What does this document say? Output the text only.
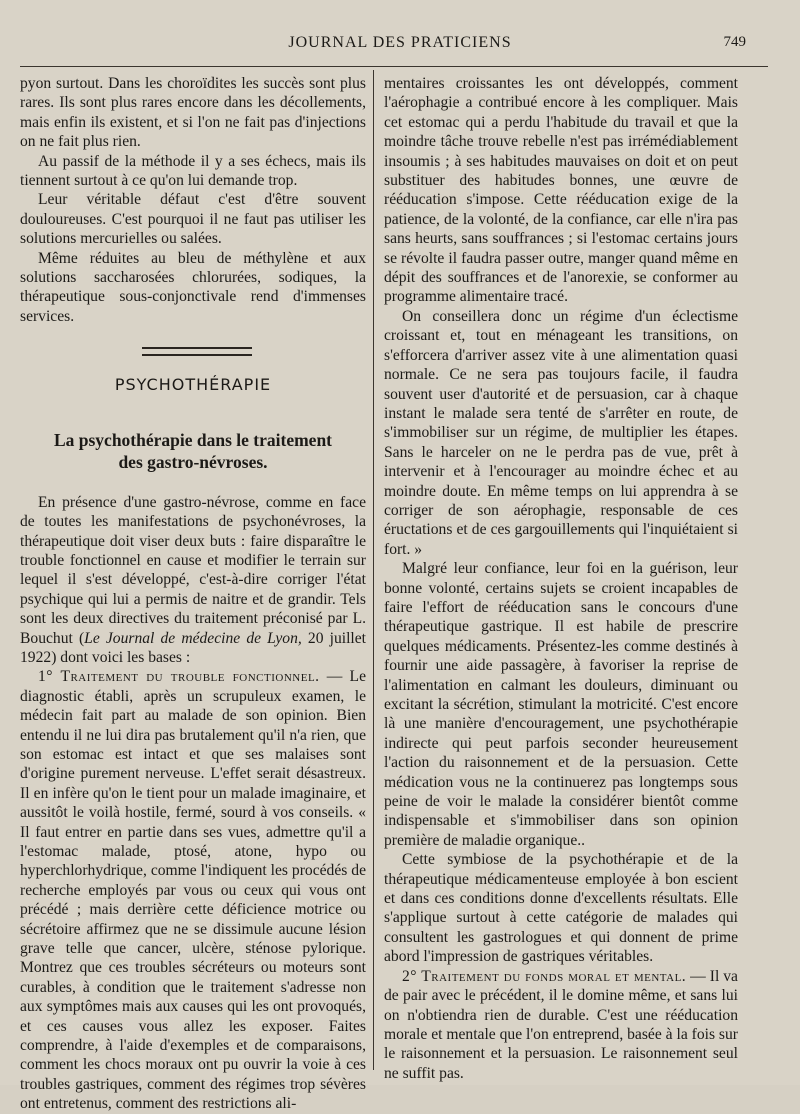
JOURNAL DES PRATICIENS	749

pyon surtout. Dans les choroïdites les succès sont plus rares. Ils sont plus rares encore dans les décollements, mais enfin ils existent, et si l'on ne fait pas d'injections on ne fait plus rien.

Au passif de la méthode il y a ses échecs, mais ils tiennent surtout à ce qu'on lui demande trop.

Leur véritable défaut c'est d'être souvent douloureuses. C'est pourquoi il ne faut pas utiliser les solutions mercurielles ou salées.

Même réduites au bleu de méthylène et aux solutions saccharosées chlorurées, sodiques, la thérapeutique sous-conjonctivale rend d'immenses services.

PSYCHOTHÉRAPIE
La psychothérapie dans le traitement
des gastro-névroses.

En présence d'une gastro-névrose, comme en face de toutes les manifestations de psychonévroses, la thérapeutique doit viser deux buts : faire disparaître le trouble fonctionnel en cause et modifier le terrain sur lequel il s'est développé, c'est-à-dire corriger l'état psychique qui lui a permis de naitre et de grandir. Tels sont les deux directives du traitement préconisé par L. Bouchut (Le Journal de médecine de Lyon, 20 juillet 1922) dont voici les bases :

1° Traitement du trouble fonctionnel. — Le diagnostic établi, après un scrupuleux examen, le médecin fait part au malade de son opinion. Bien entendu il ne lui dira pas brutalement qu'il n'a rien, que son estomac est intact et que ses malaises sont d'origine purement nerveuse. L'effet serait désastreux. Il en infère qu'on le tient pour un malade imaginaire, et aussitôt le voilà hostile, fermé, sourd à vos conseils. « Il faut entrer en partie dans ses vues, admettre qu'il a l'estomac malade, ptosé, atone, hypo ou hyperchlorhydrique, comme l'indiquent les procédés de recherche employés par vous ou ceux qui vous ont précédé ; mais derrière cette déficience motrice ou sécrétoire affirmez que ne se dissimule aucune lésion grave telle que cancer, ulcère, sténose pylorique. Montrez que ces troubles sécréteurs ou moteurs sont curables, à condition que le traitement s'adresse non aux symptômes mais aux causes qui les ont provoqués, et ces causes vous allez les exposer. Faites comprendre, à l'aide d'exemples et de comparaisons, comment les chocs moraux ont pu ouvrir la voie à ces troubles gastriques, comment des régimes trop sévères ont entretenus, comment des restrictions ali-

mentaires croissantes les ont développés, comment l'aérophagie a contribué encore à les compliquer. Mais cet estomac qui a perdu l'habitude du travail et que la moindre tâche trouve rebelle n'est pas irrémédiablement insoumis ; à ses habitudes mauvaises on doit et on peut substituer des habitudes bonnes, une œuvre de rééducation s'impose. Cette rééducation exige de la patience, de la volonté, de la confiance, car elle n'ira pas sans heurts, sans souffrances ; si l'estomac certains jours se révolte il faudra passer outre, manger quand même en dépit des souffrances et de l'anorexie, se conformer au programme alimentaire tracé.

On conseillera donc un régime d'un éclectisme croissant et, tout en ménageant les transitions, on s'efforcera d'arriver assez vite à une alimentation quasi normale. Ce ne sera pas toujours facile, il faudra souvent user d'autorité et de persuasion, car à chaque instant le malade sera tenté de s'arrêter en route, de s'immobiliser sur un régime, de multiplier les étapes. Sans le harceler on ne le perdra pas de vue, prêt à intervenir et à l'encourager au moindre échec et au moindre doute. En même temps on lui apprendra à se corriger de son aérophagie, responsable de ces éructations et de ces gargouillements qui l'inquiétaient si fort. »

Malgré leur confiance, leur foi en la guérison, leur bonne volonté, certains sujets se croient incapables de faire l'effort de rééducation sans le concours d'une thérapeutique gastrique. Il est habile de prescrire quelques médicaments. Présentez-les comme destinés à fournir une aide passagère, à favoriser la reprise de l'alimentation en calmant les douleurs, diminuant ou excitant la sécrétion, stimulant la motricité. C'est encore là une manière d'encouragement, une psychothérapie indirecte qui peut parfois seconder heureusement l'action du raisonnement et de la persuasion. Cette médication vous ne la continuerez pas longtemps sous peine de voir le malade la considérer bientôt comme indispensable et s'immobiliser dans son opinion première de maladie organique..

Cette symbiose de la psychothérapie et de la thérapeutique médicamenteuse employée à bon escient et dans ces conditions donne d'excellents résultats. Elle s'applique surtout à cette catégorie de malades qui consultent les gastrologues et qui donnent de prime abord l'impression de gastriques véritables.

2° Traitement du fonds moral et mental. — Il va de pair avec le précédent, il le domine même, et sans lui on n'obtiendra rien de durable. C'est une rééducation morale et mentale que l'on entreprend, basée à la fois sur le raisonnement et la persuasion. Le raisonnement seul ne suffit pas.
